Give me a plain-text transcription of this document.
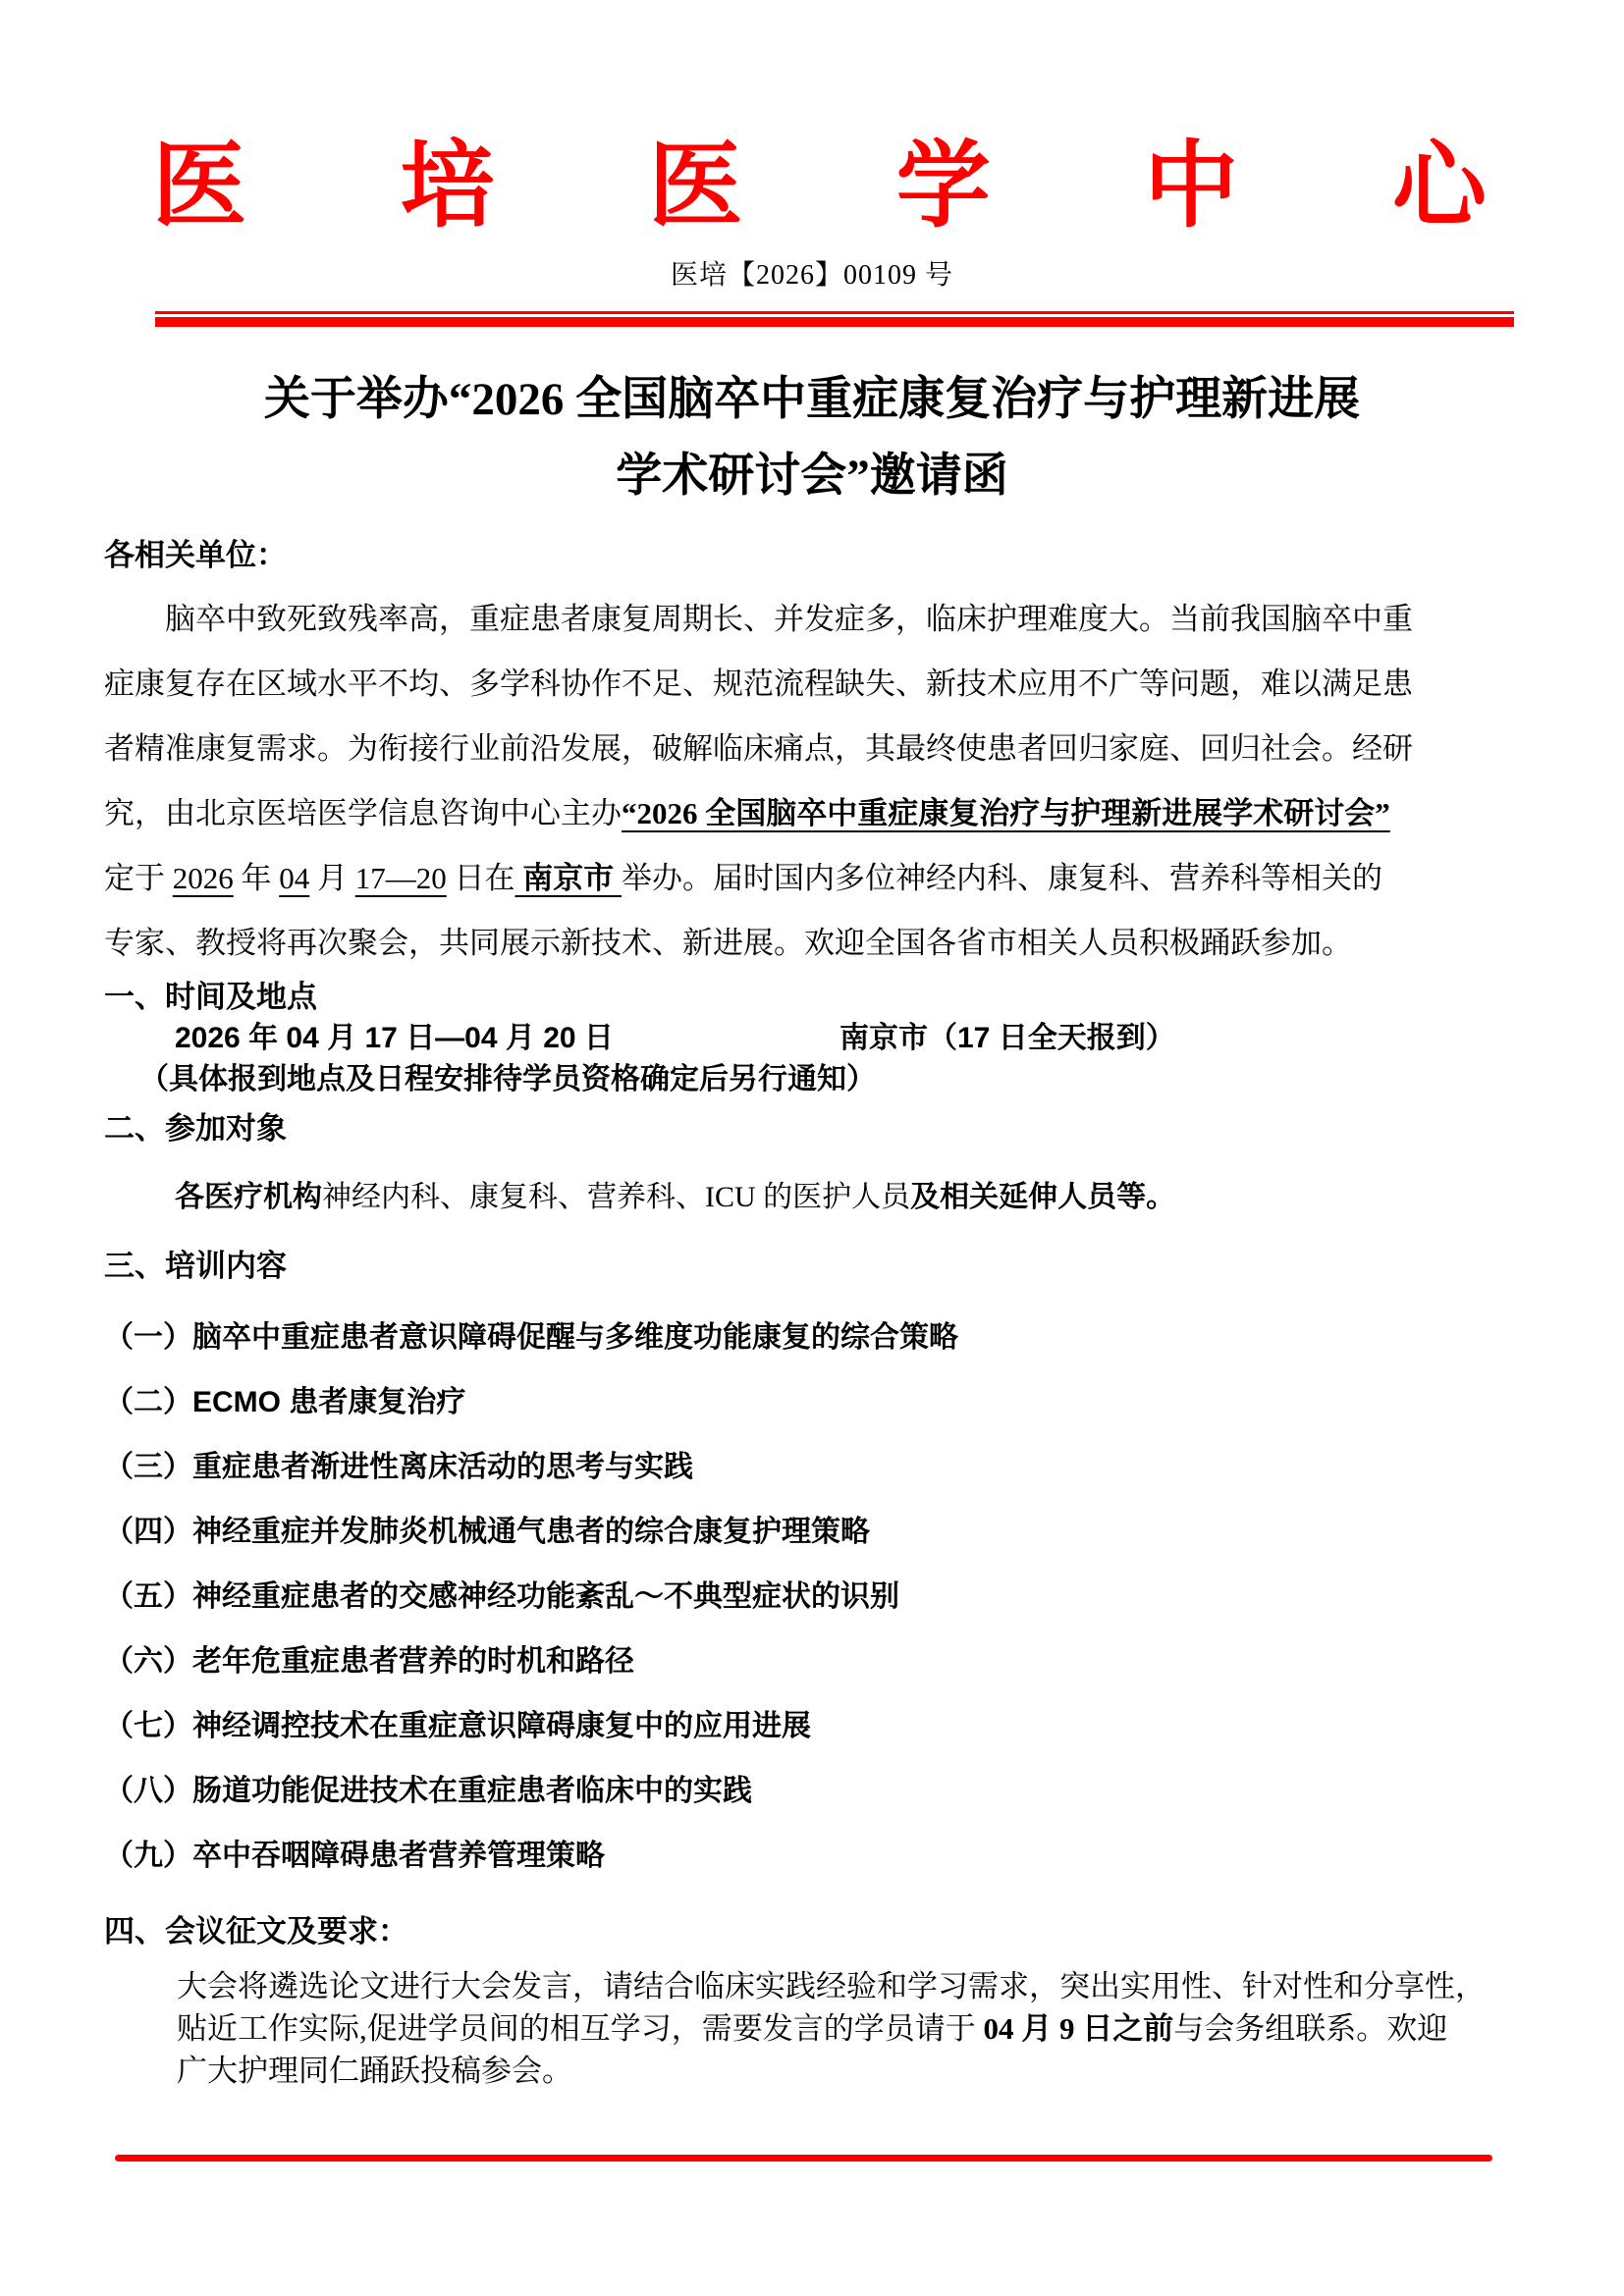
医 培 医 学 中 心
医培【2026】00109 号
关于举办“2026 全国脑卒中重症康复治疗与护理新进展
学术研讨会”邀请函
各相关单位：
脑卒中致死致残率高，重症患者康复周期长、并发症多，临床护理难度大。当前我国脑卒中重
症康复存在区域水平不均、多学科协作不足、规范流程缺失、新技术应用不广等问题，难以满足患
者精准康复需求。为衔接行业前沿发展，破解临床痛点，其最终使患者回归家庭、回归社会。经研
究，由北京医培医学信息咨询中心主办“2026 全国脑卒中重症康复治疗与护理新进展学术研讨会”
定于 2026 年 04 月 17—20 日在 南京市 举办。届时国内多位神经内科、康复科、营养科等相关的
专家、教授将再次聚会，共同展示新技术、新进展。欢迎全国各省市相关人员积极踊跃参加。
一、时间及地点
2026 年 04 月 17 日—04 月 20 日	南京市（17 日全天报到）
（具体报到地点及日程安排待学员资格确定后另行通知）
二、参加对象
各医疗机构神经内科、康复科、营养科、ICU 的医护人员及相关延伸人员等。
三、培训内容
（一）脑卒中重症患者意识障碍促醒与多维度功能康复的综合策略
（二）ECMO 患者康复治疗
（三）重症患者渐进性离床活动的思考与实践
（四）神经重症并发肺炎机械通气患者的综合康复护理策略
（五）神经重症患者的交感神经功能紊乱～不典型症状的识别
（六）老年危重症患者营养的时机和路径
（七）神经调控技术在重症意识障碍康复中的应用进展
（八）肠道功能促进技术在重症患者临床中的实践
（九）卒中吞咽障碍患者营养管理策略
四、会议征文及要求：
大会将遴选论文进行大会发言，请结合临床实践经验和学习需求，突出实用性、针对性和分享性，
贴近工作实际,促进学员间的相互学习，需要发言的学员请于 04 月 9 日之前与会务组联系。欢迎
广大护理同仁踊跃投稿参会。
